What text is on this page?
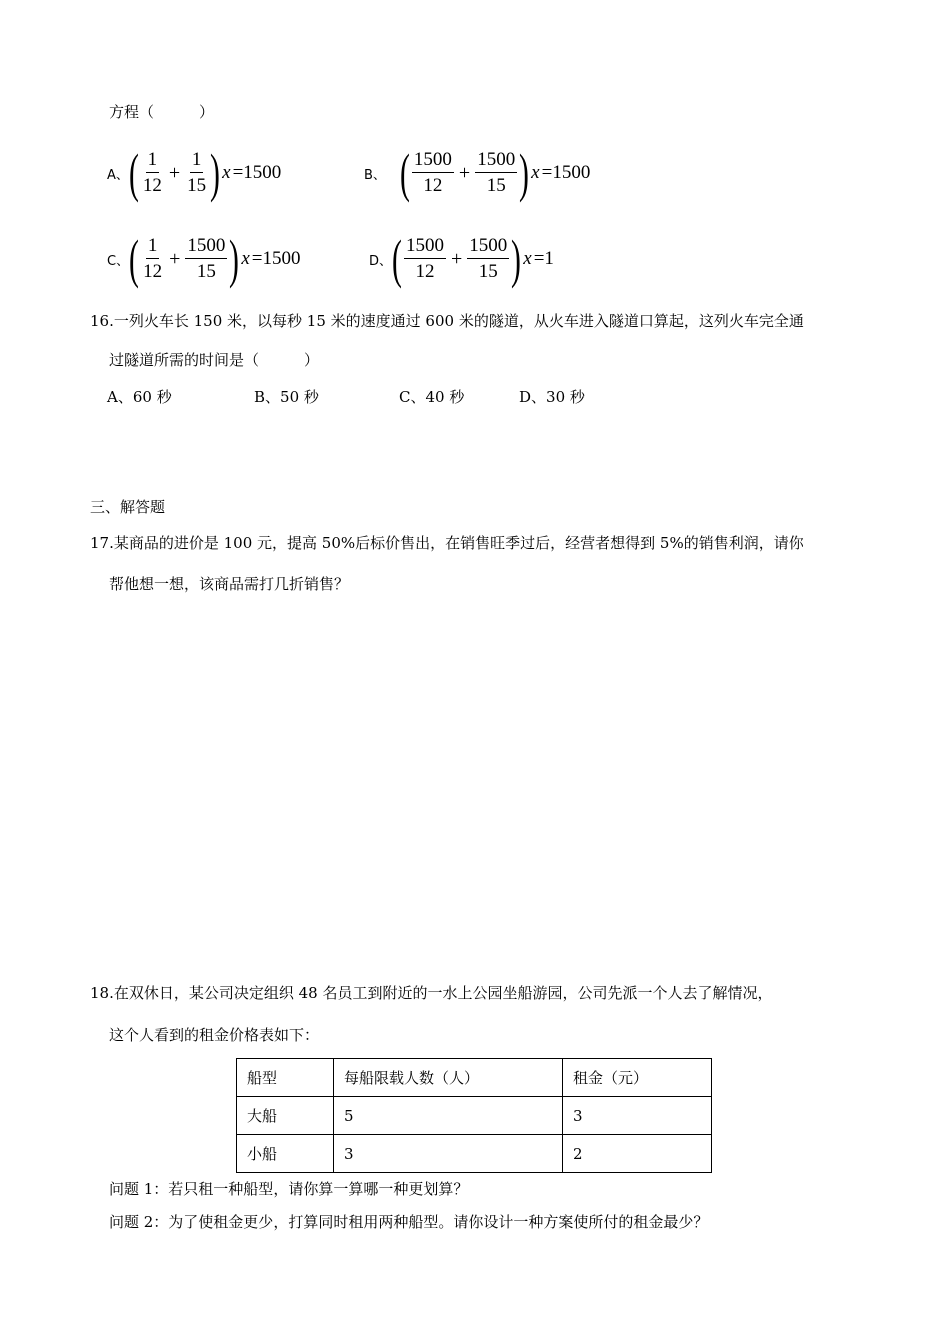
方程（　　　）
A、 ( $\frac{1}{12} + \frac{1}{15}$ ) x =1500	B、 ( $\frac{1500}{12} + \frac{1500}{15}$ ) x =1500
C、 ( $\frac{1}{12} + \frac{1500}{15}$ ) x =1500	D、 ( $\frac{1500}{12} + \frac{1500}{15}$ ) x =1
16.一列火车长 150 米，以每秒 15 米的速度通过 600 米的隧道，从火车进入隧道口算起，这列火车完全通
过隧道所需的时间是（　　　）
A、60 秒	B、50 秒	C、40 秒	D、30 秒
三、解答题
17.某商品的进价是 100 元，提高 50%后标价售出，在销售旺季过后，经营者想得到 5%的销售利润，请你
帮他想一想，该商品需打几折销售？
18.在双休日，某公司决定组织 48 名员工到附近的一水上公园坐船游园，公司先派一个人去了解情况，
这个人看到的租金价格表如下：
船型	每船限载人数（人）	租金（元）
大船	5	3
小船	3	2
问题 1：若只租一种船型，请你算一算哪一种更划算？
问题 2：为了使租金更少，打算同时租用两种船型。请你设计一种方案使所付的租金最少？
